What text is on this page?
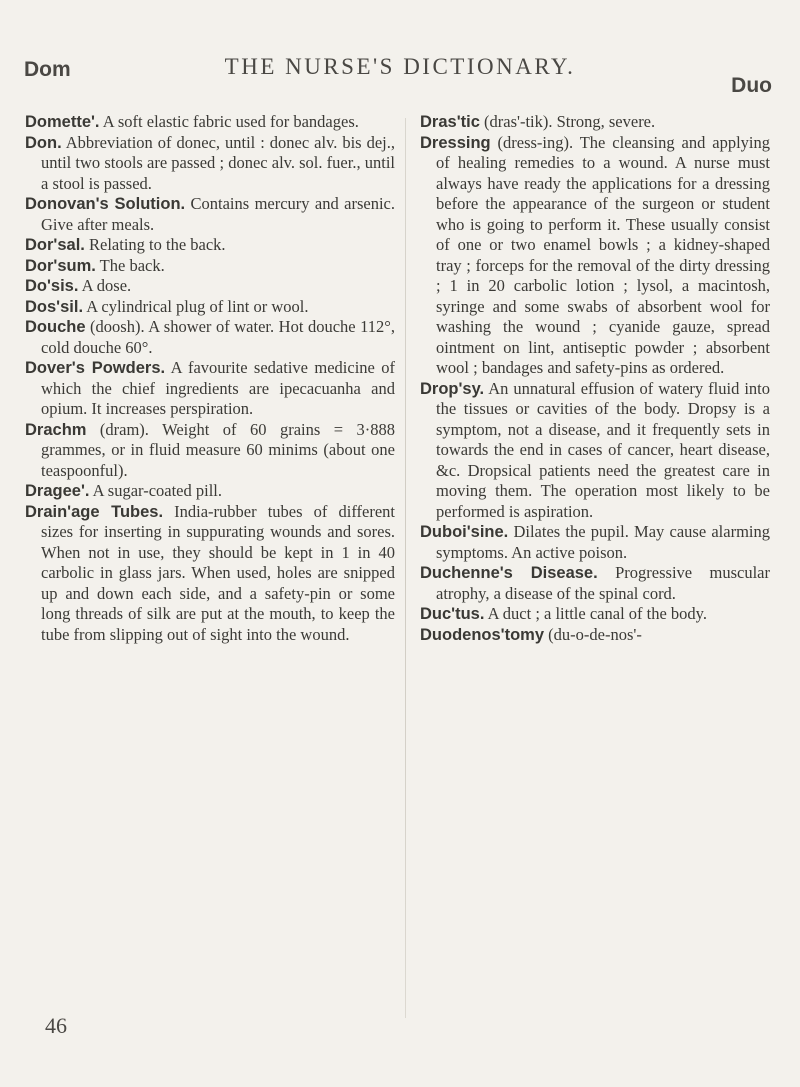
Dom	THE NURSE'S DICTIONARY.
Duo

Domette'. A soft elastic fabric used for bandages.

Don. Abbreviation of donec, until : donec alv. bis dej., until two stools are passed ; donec alv. sol. fuer., until a stool is passed.

Donovan's Solution. Contains mercury and arsenic. Give after meals.

Dor'sal. Relating to the back.

Dor'sum. The back.

Do'sis. A dose.

Dos'sil. A cylindrical plug of lint or wool.

Douche (doosh). A shower of water. Hot douche 112°, cold douche 60°.

Dover's Powders. A favourite sedative medicine of which the chief ingredients are ipecacuanha and opium. It increases perspiration.

Drachm (dram). Weight of 60 grains = 3·888 grammes, or in fluid measure 60 minims (about one teaspoonful).

Dragee'. A sugar-coated pill.

Drain'age Tubes. India-rubber tubes of different sizes for inserting in suppurating wounds and sores. When not in use, they should be kept in 1 in 40 carbolic in glass jars. When used, holes are snipped up and down each side, and a safety-pin or some long threads of silk are put at the mouth, to keep the tube from slipping out of sight into the wound.

Dras'tic (dras'-tik). Strong, severe.

Dressing (dress-ing). The cleansing and applying of healing remedies to a wound. A nurse must always have ready the applications for a dressing before the appearance of the surgeon or student who is going to perform it. These usually consist of one or two enamel bowls ; a kidney-shaped tray ; forceps for the removal of the dirty dressing ; 1 in 20 carbolic lotion ; lysol, a macintosh, syringe and some swabs of absorbent wool for washing the wound ; cyanide gauze, spread ointment on lint, antiseptic powder ; absorbent wool ; bandages and safety-pins as ordered.

Drop'sy. An unnatural effusion of watery fluid into the tissues or cavities of the body. Dropsy is a symptom, not a disease, and it frequently sets in towards the end in cases of cancer, heart disease, &c. Dropsical patients need the greatest care in moving them. The operation most likely to be performed is aspiration.

Duboi'sine. Dilates the pupil. May cause alarming symptoms. An active poison.

Duchenne's Disease. Progressive muscular atrophy, a disease of the spinal cord.

Duc'tus. A duct ; a little canal of the body.

Duodenos'tomy (du-o-de-nos'-

46
